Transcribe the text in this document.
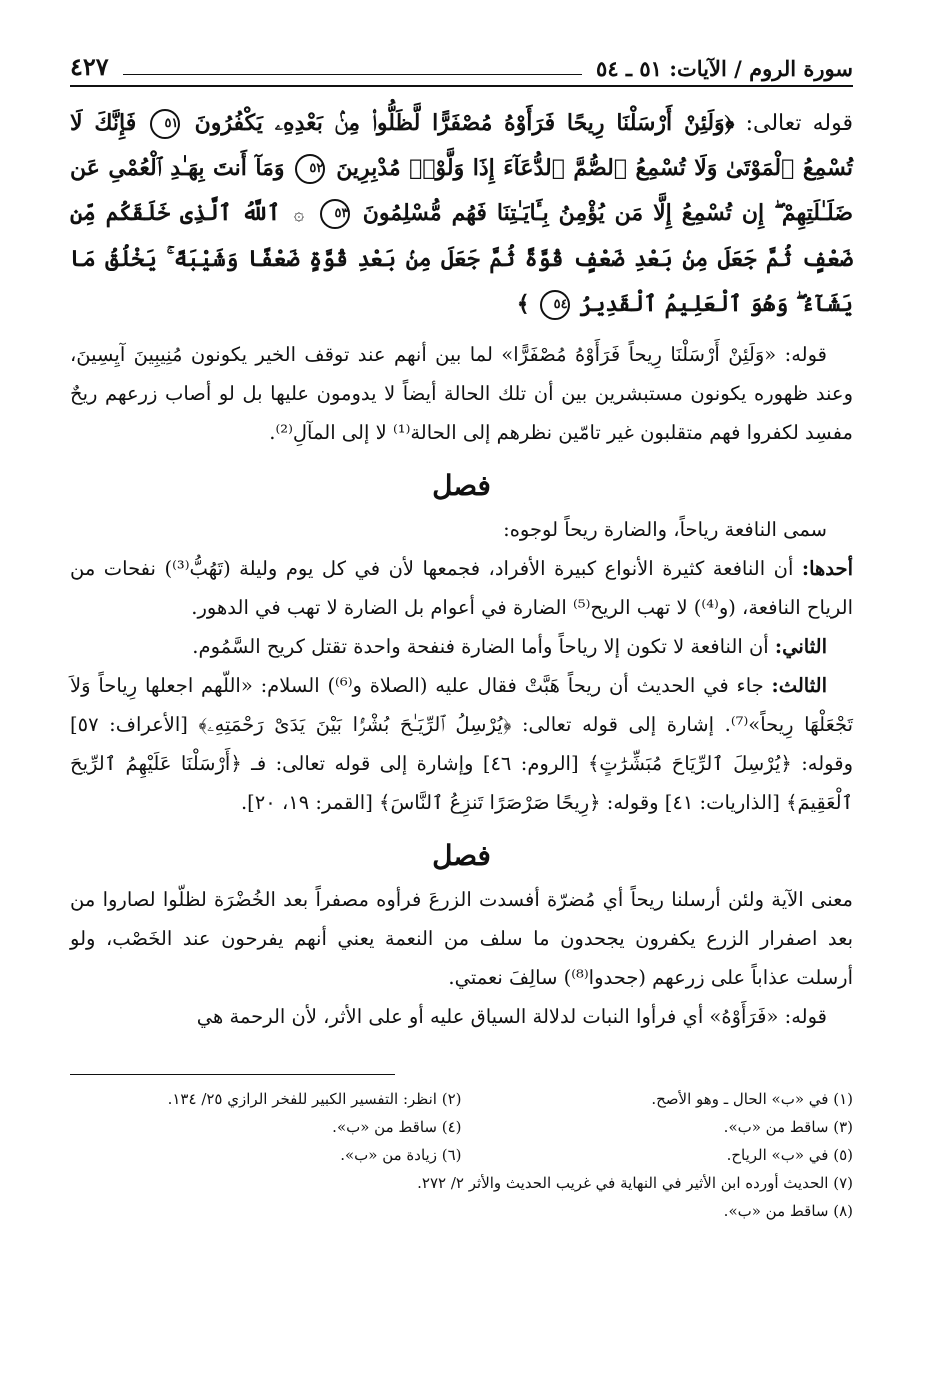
سورة الروم / الآيات: ٥١ ـ ٥٤
٤٢٧
قوله تعالى: ﴿وَلَئِنْ أَرْسَلْنَا رِيحًا فَرَأَوْهُ مُصْفَرًّا لَّظَلُّوا۟ مِنۢ بَعْدِهِۦ يَكْفُرُونَ ٥١ فَإِنَّكَ لَا تُسْمِعُ ٱلْمَوْتَىٰ وَلَا تُسْمِعُ ٱلصُّمَّ ٱلدُّعَآءَ إِذَا وَلَّوْا۟ مُدْبِرِينَ ٥٢ وَمَآ أَنتَ بِهَـٰدِ ٱلْعُمْىِ عَن ضَلَـٰلَتِهِمْ ۖ إِن تُسْمِعُ إِلَّا مَن يُؤْمِنُ بِـَٔايَـٰتِنَا فَهُم مُّسْلِمُونَ ٥٣ ۞ ٱللَّهُ ٱلَّذِى خَلَقَكُم مِّن ضَعْفٍ ثُمَّ جَعَلَ مِنۢ بَعْدِ ضَعْفٍ قُوَّةً ثُمَّ جَعَلَ مِنۢ بَعْدِ قُوَّةٍ ضَعْفًا وَشَيْبَةً ۚ يَخْلُقُ مَا يَشَآءُ ۖ وَهُوَ ٱلْعَلِيمُ ٱلْقَدِيرُ ٥٤ ﴾

قوله: «وَلَئِنْ أَرْسَلْنَا رِيحاً فَرَأَوْهُ مُصْفَرًّا» لما بين أنهم عند توقف الخير يكونون مُنِيبِينَ آيِسِينَ، وعند ظهوره يكونون مستبشرين بين أن تلك الحالة أيضاً لا يدومون عليها بل لو أصاب زرعهم ريحٌ مفسِد لكفروا فهم متقلبون غير تامّين نظرهم إلى الحالة⁽¹⁾ لا إلى المآلِ⁽²⁾.

فصل

سمى النافعة رياحاً، والضارة ريحاً لوجوه:

أحدها: أن النافعة كثيرة الأنواع كبيرة الأفراد، فجمعها لأن في كل يوم وليلة (تَهُبُّ⁽³⁾) نفحات من الرياح النافعة، (و⁽⁴⁾) لا تهب الريح⁽⁵⁾ الضارة في أعوام بل الضارة لا تهب في الدهور.

الثاني: أن النافعة لا تكون إلا رياحاً وأما الضارة فنفحة واحدة تقتل كريح السَّمُوم.

الثالث: جاء في الحديث أن ريحاً هَبَّتْ فقال عليه (الصلاة و⁽⁶⁾) السلام: «اللّهم اجعلها رِياحاً وَلاَ تَجْعَلْهَا رِيحاً»⁽⁷⁾. إشارة إلى قوله تعالى: ﴿يُرْسِلُ ٱلرِّيَـٰحَ بُشْرًۢا بَيْنَ يَدَىْ رَحْمَتِهِۦ﴾ [الأعراف: ٥٧] وقوله: ﴿يُرْسِلَ ٱلرِّيَاحَ مُبَشِّرَٰتٍ﴾ [الروم: ٤٦] وإشارة إلى قوله تعالى: فـ ﴿أَرْسَلْنَا عَلَيْهِمُ ٱلرِّيحَ ٱلْعَقِيمَ﴾ [الذاريات: ٤١] وقوله: ﴿رِيحًا صَرْصَرًا تَنزِعُ ٱلنَّاسَ﴾ [القمر: ١٩، ٢٠].

فصل

معنى الآية ولئن أرسلنا ريحاً أي مُضرّة أفسدت الزرعَ فرأوه مصفراً بعد الخُضْرَة لظلّوا لصاروا من بعد اصفرار الزرع يكفرون يجحدون ما سلف من النعمة يعني أنهم يفرحون عند الخَصْب، ولو أرسلت عذاباً على زرعهم (جحدوا⁽⁸⁾) سالِفَ نعمتي.

قوله: «فَرَأَوْهُ» أي فرأوا النبات لدلالة السياق عليه أو على الأثر، لأن الرحمة هي

(١) في «ب» الحال ـ وهو الأصح.
(٢) انظر: التفسير الكبير للفخر الرازي ٢٥/ ١٣٤.
(٣) ساقط من «ب».
(٤) ساقط من «ب».
(٥) في «ب» الرياح.
(٦) زيادة من «ب».
(٧) الحديث أورده ابن الأثير في النهاية في غريب الحديث والأثر ٢/ ٢٧٢.
(٨) ساقط من «ب».
